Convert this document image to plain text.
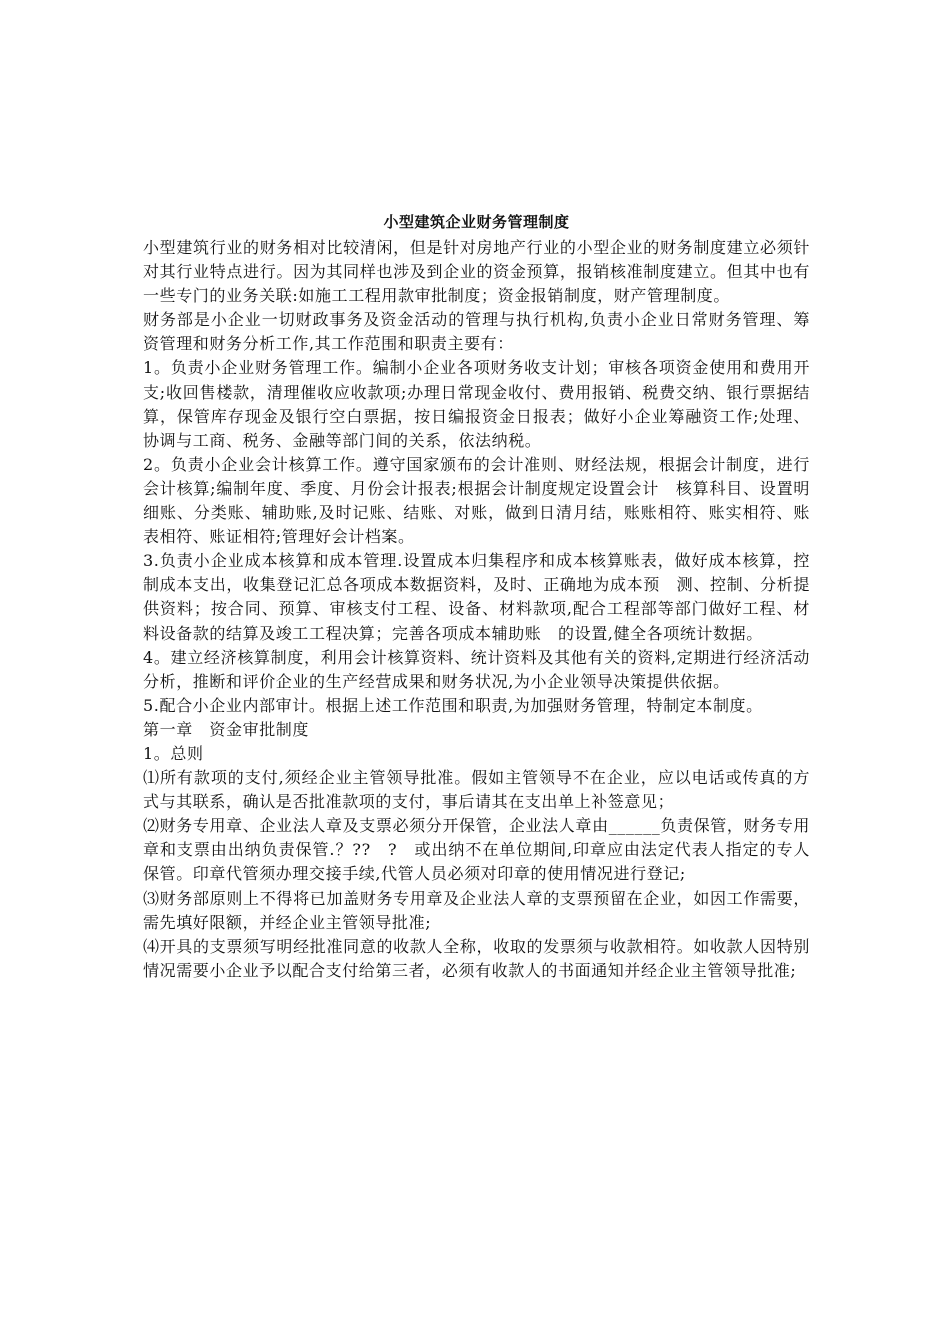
小型建筑企业财务管理制度

小型建筑行业的财务相对比较清闲，但是针对房地产行业的小型企业的财务制度建立必须针对其行业特点进行。因为其同样也涉及到企业的资金预算，报销核准制度建立。但其中也有一些专门的业务关联:如施工工程用款审批制度；资金报销制度，财产管理制度。

财务部是小企业一切财政事务及资金活动的管理与执行机构,负责小企业日常财务管理、筹资管理和财务分析工作,其工作范围和职责主要有：

1。负责小企业财务管理工作。编制小企业各项财务收支计划；审核各项资金使用和费用开支;收回售楼款，清理催收应收款项;办理日常现金收付、费用报销、税费交纳、银行票据结算，保管库存现金及银行空白票据，按日编报资金日报表；做好小企业筹融资工作;处理、协调与工商、税务、金融等部门间的关系，依法纳税。

2。负责小企业会计核算工作。遵守国家颁布的会计准则、财经法规，根据会计制度，进行会计核算;编制年度、季度、月份会计报表;根据会计制度规定设置会计　核算科目、设置明细账、分类账、辅助账,及时记账、结账、对账，做到日清月结，账账相符、账实相符、账表相符、账证相符;管理好会计档案。

3.负责小企业成本核算和成本管理.设置成本归集程序和成本核算账表，做好成本核算，控制成本支出，收集登记汇总各项成本数据资料，及时、正确地为成本预　测、控制、分析提供资料；按合同、预算、审核支付工程、设备、材料款项,配合工程部等部门做好工程、材料设备款的结算及竣工工程决算；完善各项成本辅助账　的设置,健全各项统计数据。

4。建立经济核算制度，利用会计核算资料、统计资料及其他有关的资料,定期进行经济活动分析，推断和评价企业的生产经营成果和财务状况,为小企业领导决策提供依据。

5.配合小企业内部审计。根据上述工作范围和职责,为加强财务管理，特制定本制度。

第一章　资金审批制度

1。总则

⑴所有款项的支付,须经企业主管领导批准。假如主管领导不在企业，应以电话或传真的方式与其联系，确认是否批准款项的支付，事后请其在支出单上补签意见；

⑵财务专用章、企业法人章及支票必须分开保管，企业法人章由______负责保管，财务专用章和支票由出纳负责保管.？??　?　或出纳不在单位期间,印章应由法定代表人指定的专人保管。印章代管须办理交接手续,代管人员必须对印章的使用情况进行登记;

⑶财务部原则上不得将已加盖财务专用章及企业法人章的支票预留在企业，如因工作需要，需先填好限额，并经企业主管领导批准;

⑷开具的支票须写明经批准同意的收款人全称，收取的发票须与收款相符。如收款人因特别情况需要小企业予以配合支付给第三者，必须有收款人的书面通知并经企业主管领导批准;
